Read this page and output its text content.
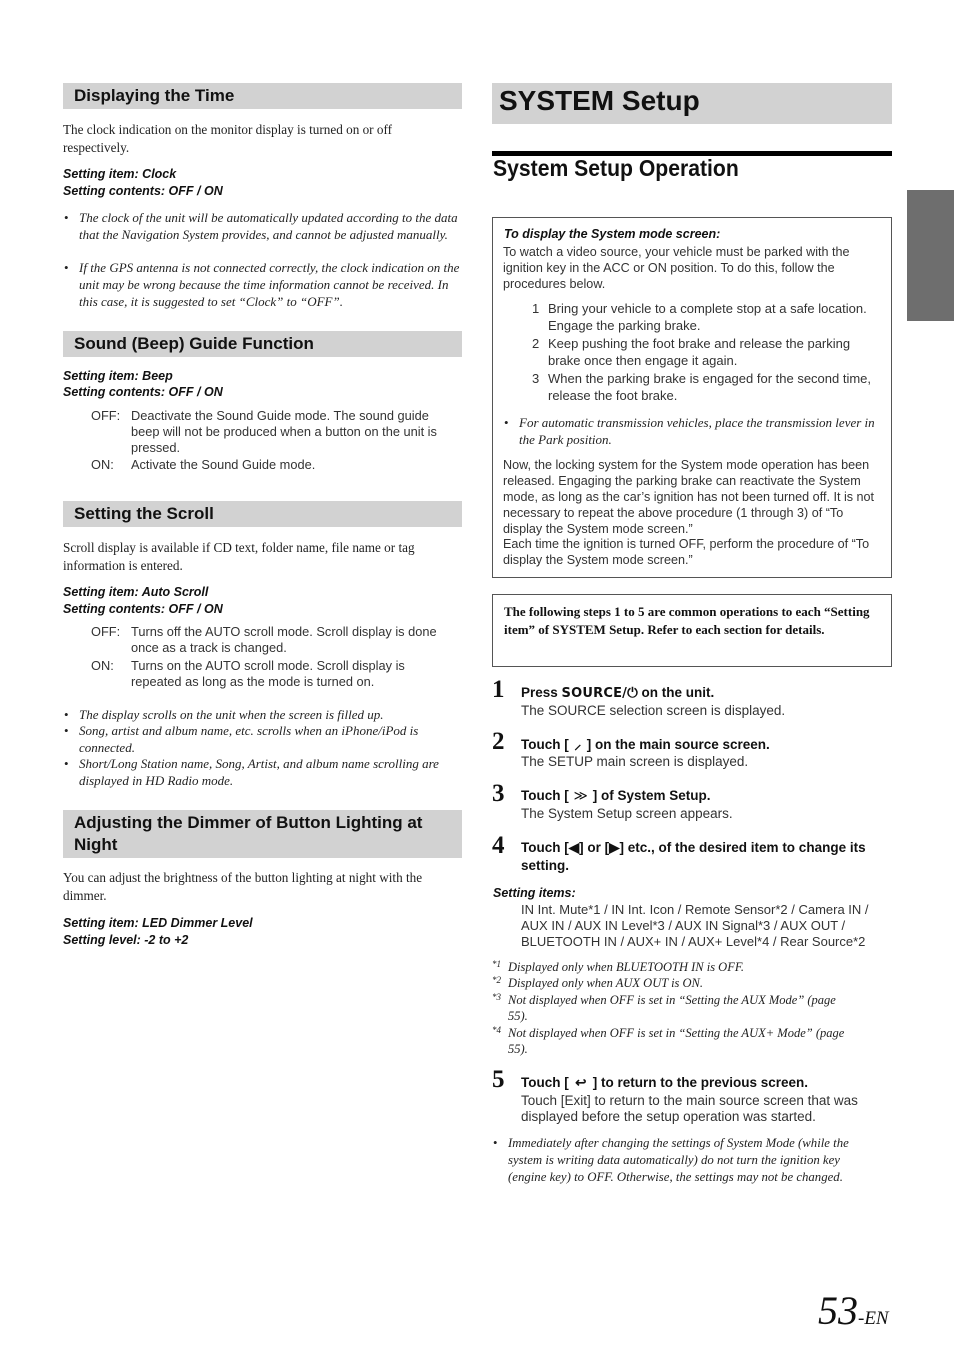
Displaying the Time
The clock indication on the monitor display is turned on or off respectively.
Setting item: Clock
Setting contents: OFF / ON
• The clock of the unit will be automatically updated according to the data that the Navigation System provides, and cannot be adjusted manually.
• If the GPS antenna is not connected correctly, the clock indication on the unit may be wrong because the time information cannot be received. In this case, it is suggested to set “Clock” to “OFF”.
Sound (Beep) Guide Function
Setting item: Beep
Setting contents: OFF / ON
OFF: Deactivate the Sound Guide mode. The sound guide beep will not be produced when a button on the unit is pressed.
ON: Activate the Sound Guide mode.
Setting the Scroll
Scroll display is available if CD text, folder name, file name or tag information is entered.
Setting item: Auto Scroll
Setting contents: OFF / ON
OFF: Turns off the AUTO scroll mode. Scroll display is done once as a track is changed.
ON: Turns on the AUTO scroll mode. Scroll display is repeated as long as the mode is turned on.
• The display scrolls on the unit when the screen is filled up.
• Song, artist and album name, etc. scrolls when an iPhone/iPod is connected.
• Short/Long Station name, Song, Artist, and album name scrolling are displayed in HD Radio mode.
Adjusting the Dimmer of Button Lighting at Night
You can adjust the brightness of the button lighting at night with the dimmer.
Setting item: LED Dimmer Level
Setting level: -2 to +2
SYSTEM Setup
System Setup Operation
To display the System mode screen:
To watch a video source, your vehicle must be parked with the ignition key in the ACC or ON position. To do this, follow the procedures below.
1 Bring your vehicle to a complete stop at a safe location. Engage the parking brake.
2 Keep pushing the foot brake and release the parking brake once then engage it again.
3 When the parking brake is engaged for the second time, release the foot brake.
• For automatic transmission vehicles, place the transmission lever in the Park position.
Now, the locking system for the System mode operation has been released. Engaging the parking brake can reactivate the System mode, as long as the car’s ignition has not been turned off. It is not necessary to repeat the above procedure (1 through 3) of “To display the System mode screen.”
Each time the ignition is turned OFF, perform the procedure of “To display the System mode screen.”
The following steps 1 to 5 are common operations to each “Setting item” of SYSTEM Setup. Refer to each section for details.
1 Press SOURCE/⏻ on the unit.
The SOURCE selection screen is displayed.
2 Touch [ ⸝ ] on the main source screen.
The SETUP main screen is displayed.
3 Touch [ ≫ ] of System Setup.
The System Setup screen appears.
4 Touch [◀] or [▶] etc., of the desired item to change its setting.
Setting items:
IN Int. Mute*1 / IN Int. Icon / Remote Sensor*2 / Camera IN / AUX IN / AUX IN Level*3 / AUX IN Signal*3 / AUX OUT / BLUETOOTH IN / AUX+ IN / AUX+ Level*4 / Rear Source*2
*1 Displayed only when BLUETOOTH IN is OFF.
*2 Displayed only when AUX OUT is ON.
*3 Not displayed when OFF is set in “Setting the AUX Mode” (page 55).
*4 Not displayed when OFF is set in “Setting the AUX+ Mode” (page 55).
5 Touch [ ↩ ] to return to the previous screen.
Touch [Exit] to return to the main source screen that was displayed before the setup operation was started.
• Immediately after changing the settings of System Mode (while the system is writing data automatically) do not turn the ignition key (engine key) to OFF. Otherwise, the settings may not be changed.
53-EN
